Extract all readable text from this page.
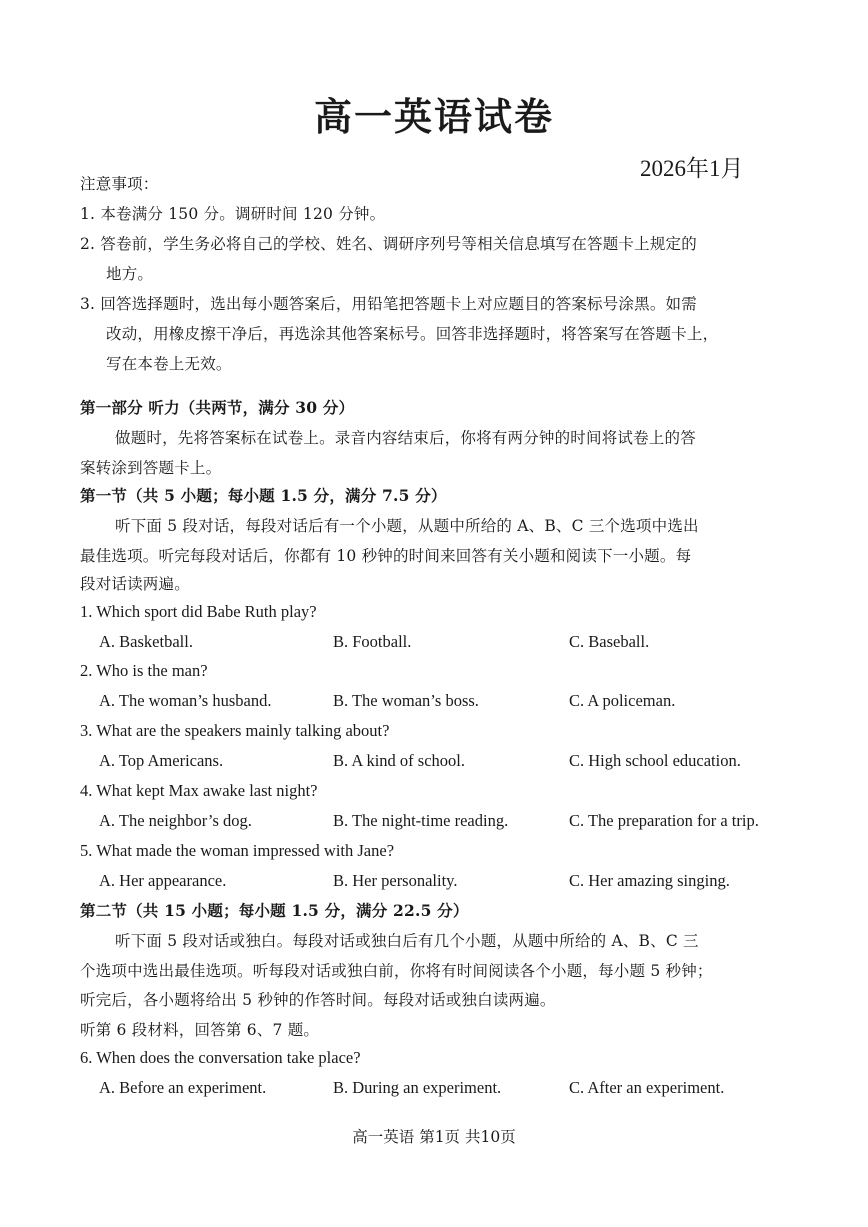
高一英语试卷
2026年1月
注意事项：
1. 本卷满分 150 分。调研时间 120 分钟。
2. 答卷前，学生务必将自己的学校、姓名、调研序列号等相关信息填写在答题卡上规定的
地方。
3. 回答选择题时，选出每小题答案后，用铅笔把答题卡上对应题目的答案标号涂黑。如需
改动，用橡皮擦干净后，再选涂其他答案标号。回答非选择题时，将答案写在答题卡上，
写在本卷上无效。
第一部分 听力（共两节，满分 30 分）
做题时，先将答案标在试卷上。录音内容结束后，你将有两分钟的时间将试卷上的答
案转涂到答题卡上。
第一节（共 5 小题；每小题 1.5 分，满分 7.5 分）
听下面 5 段对话，每段对话后有一个小题，从题中所给的 A、B、C 三个选项中选出
最佳选项。听完每段对话后，你都有 10 秒钟的时间来回答有关小题和阅读下一小题。每
段对话读两遍。
1. Which sport did Babe Ruth play?
A. Basketball.	B. Football.	C. Baseball.
2. Who is the man?
A. The woman’s husband.	B. The woman’s boss.	C. A policeman.
3. What are the speakers mainly talking about?
A. Top Americans.	B. A kind of school.	C. High school education.
4. What kept Max awake last night?
A. The neighbor’s dog.	B. The night-time reading.	C. The preparation for a trip.
5. What made the woman impressed with Jane?
A. Her appearance.	B. Her personality.	C. Her amazing singing.
第二节（共 15 小题；每小题 1.5 分，满分 22.5 分）
听下面 5 段对话或独白。每段对话或独白后有几个小题，从题中所给的 A、B、C 三
个选项中选出最佳选项。听每段对话或独白前，你将有时间阅读各个小题，每小题 5 秒钟；
听完后，各小题将给出 5 秒钟的作答时间。每段对话或独白读两遍。
听第 6 段材料，回答第 6、7 题。
6. When does the conversation take place?
A. Before an experiment.	B. During an experiment.	C. After an experiment.
高一英语 第1页 共10页
